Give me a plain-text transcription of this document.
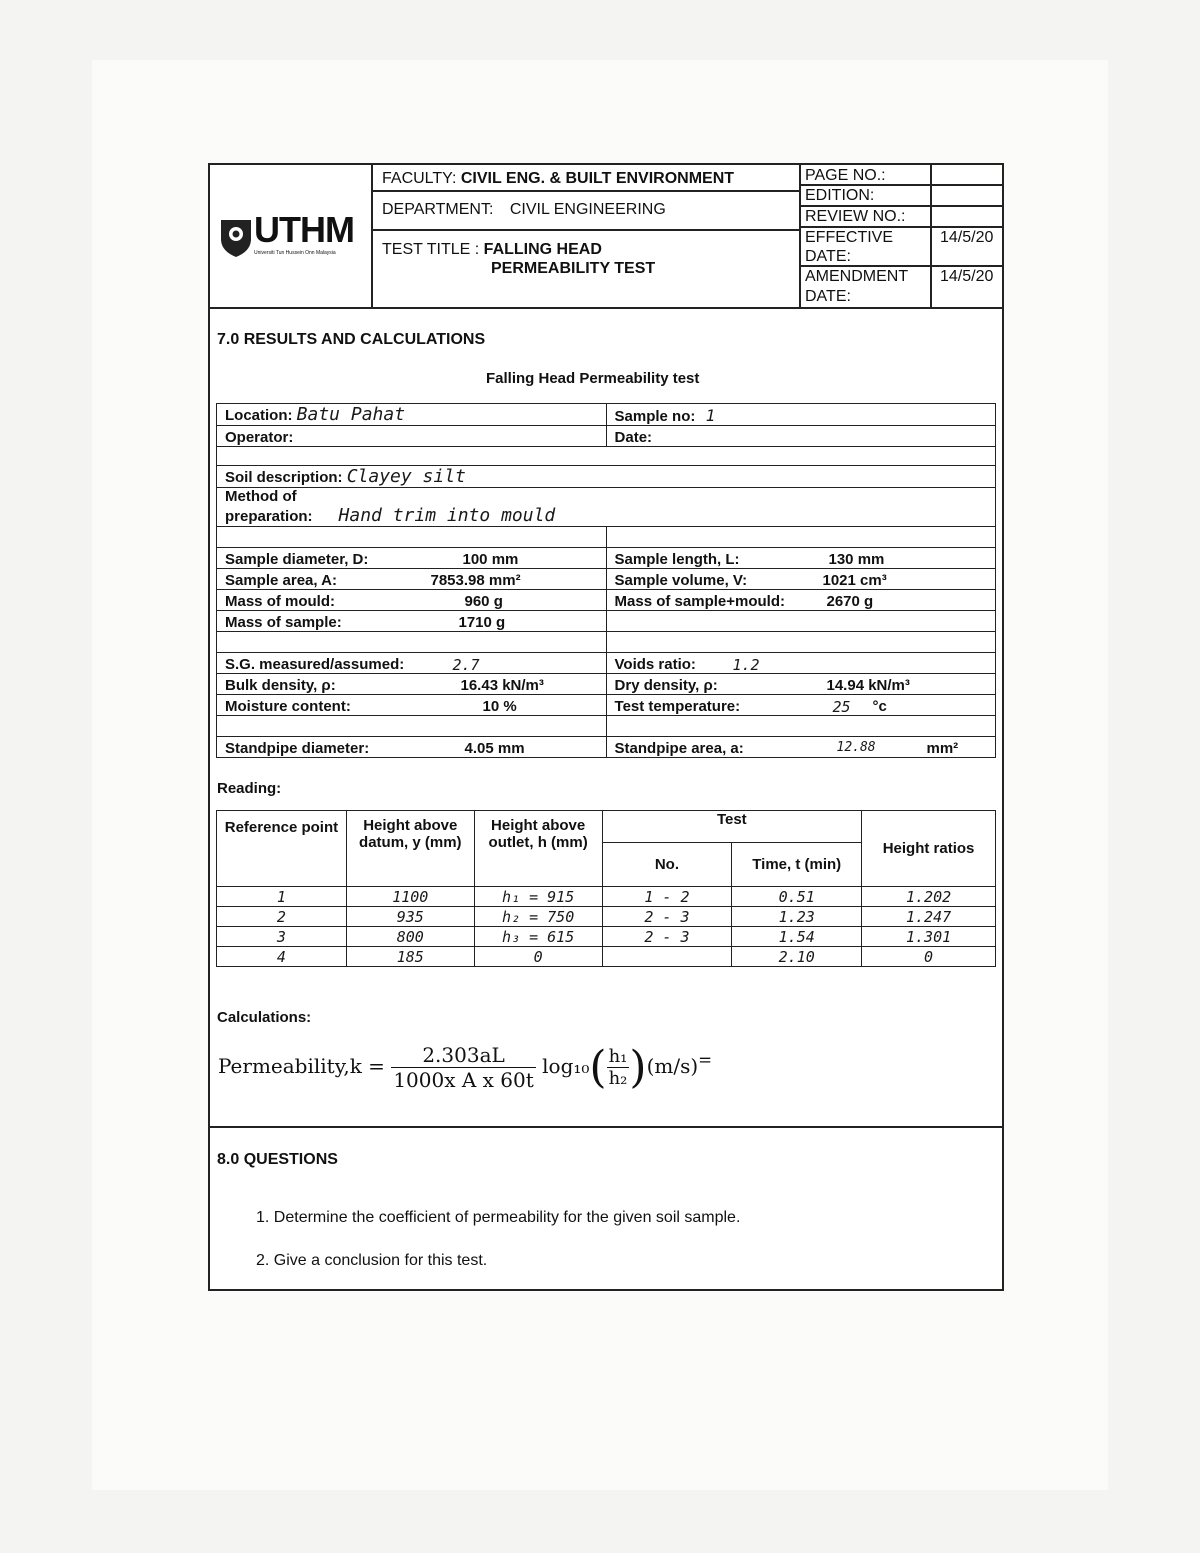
UTHM
Universiti Tun Hussein Onn Malaysia
FACULTY: CIVIL ENG. & BUILT ENVIRONMENT
DEPARTMENT: CIVIL ENGINEERING
TEST TITLE : FALLING HEAD
PERMEABILITY TEST
PAGE NO.:
EDITION:
REVIEW NO.:
EFFECTIVE
DATE:
14/5/20
AMENDMENT
DATE:
14/5/20
7.0 RESULTS AND CALCULATIONS
Falling Head Permeability test
Location: Batu Pahat	Sample no: 1
Operator:	Date:

Soil description: Clayey silt	

Method of
preparation: Hand trim into mould	

Sample diameter, D: 100 mm	Sample length, L: 130 mm

Sample area, A: 7853.98 mm²	Sample volume, V: 1021 cm³

Mass of mould: 960 g	Mass of sample+mould: 2670 g

Mass of sample: 1710 g	

S.G. measured/assumed: 2.7	Voids ratio: 1.2

Bulk density, ρ: 16.43 kN/m³	Dry density, ρ: 14.94 kN/m³

Moisture content: 10 %	Test temperature: 25 °c

Standpipe diameter: 4.05 mm	Standpipe area, a: 12.88 mm²
Reading:
Reference point	Height above datum, y (mm)	Height above outlet, h (mm)	Test		Height ratios
			No.	Time, t (min)	
1	1100	h₁ = 915	1 - 2	0.51	1.202
2	935	h₂ = 750	2 - 3	1.23	1.247
3	800	h₃ = 615	2 - 3	1.54	1.301
4	185	0		2.10	0
Calculations:
Permeability,k = $\frac{2.303aL}{\text{1000x A x 60t}} \log_{10}( \frac{\text{h₁}}{\text{h₂}} )(m/s)^=$
8.0 QUESTIONS
1. Determine the coefficient of permeability for the given soil sample.
2. Give a conclusion for this test.
